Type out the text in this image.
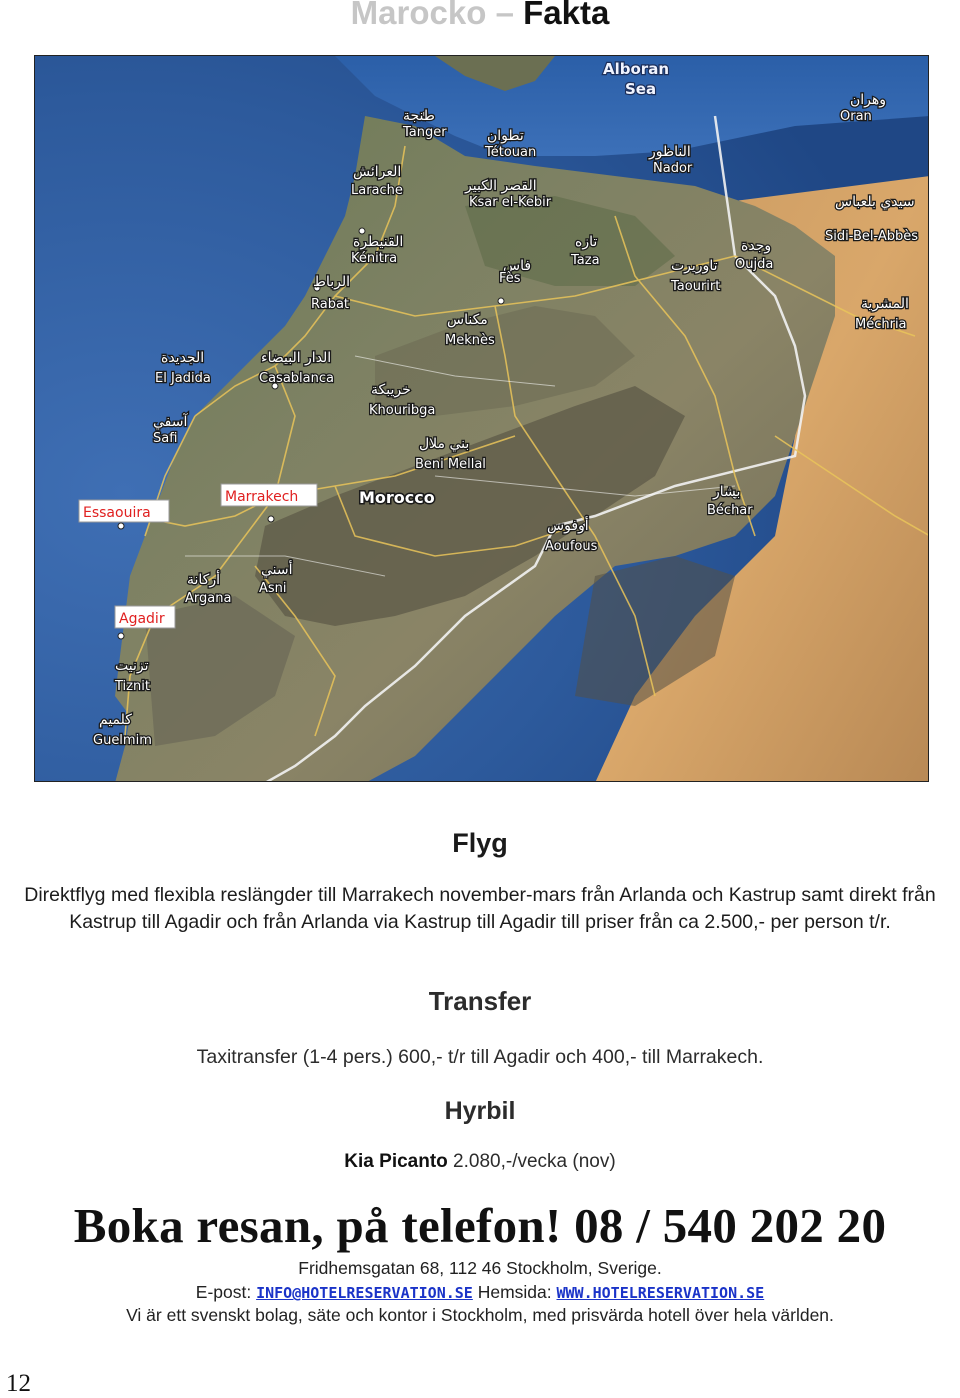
Marocko – Fakta
Alboran
Sea
وهران
Oran
طنجة
Tanger	تطوان
Tétouan	الناظور
Nador
العرائش
Larache	القصر الكبير
Ksar el-Kebir	سيدي بلعباس
Sidi-Bel-Abbès
القنيطرة
Kénitra
تازه
Taza
وجدة
Oujda
الرباط
Rabat
فاس
Fès
تاوريرت
Taourirt
مكناس
Meknès
المشرية
Méchria
الجديدة
El Jadida
الدار البيضاء
Casablanca
خريبكة
Khouribga
آسفي
Safi	بني ملال
Beni Mellal
بشار
Béchar
Morocco
أوفوس
Aoufous
أسني
Asni
أركانة
Argana
تزنيت
Tiznit
كلميم
Guelmim
Essaouira
Marrakech
Agadir
Flyg
Direktflyg med flexibla reslängder till Marrakech november-mars från Arlanda och Kastrup samt direkt från Kastrup till Agadir och från Arlanda via Kastrup till Agadir till priser från ca 2.500,- per person t/r.
Transfer
Taxitransfer (1-4 pers.) 600,- t/r till Agadir och 400,- till Marrakech.
Hyrbil
Kia Picanto 2.080,-/vecka (nov)
Boka resan, på telefon! 08 / 540 202 20
Fridhemsgatan 68, 112 46 Stockholm, Sverige.
E-post: INFO@HOTELRESERVATION.SE Hemsida: WWW.HOTELRESERVATION.SE
Vi är ett svenskt bolag, säte och kontor i Stockholm, med prisvärda hotell över hela världen.
12
